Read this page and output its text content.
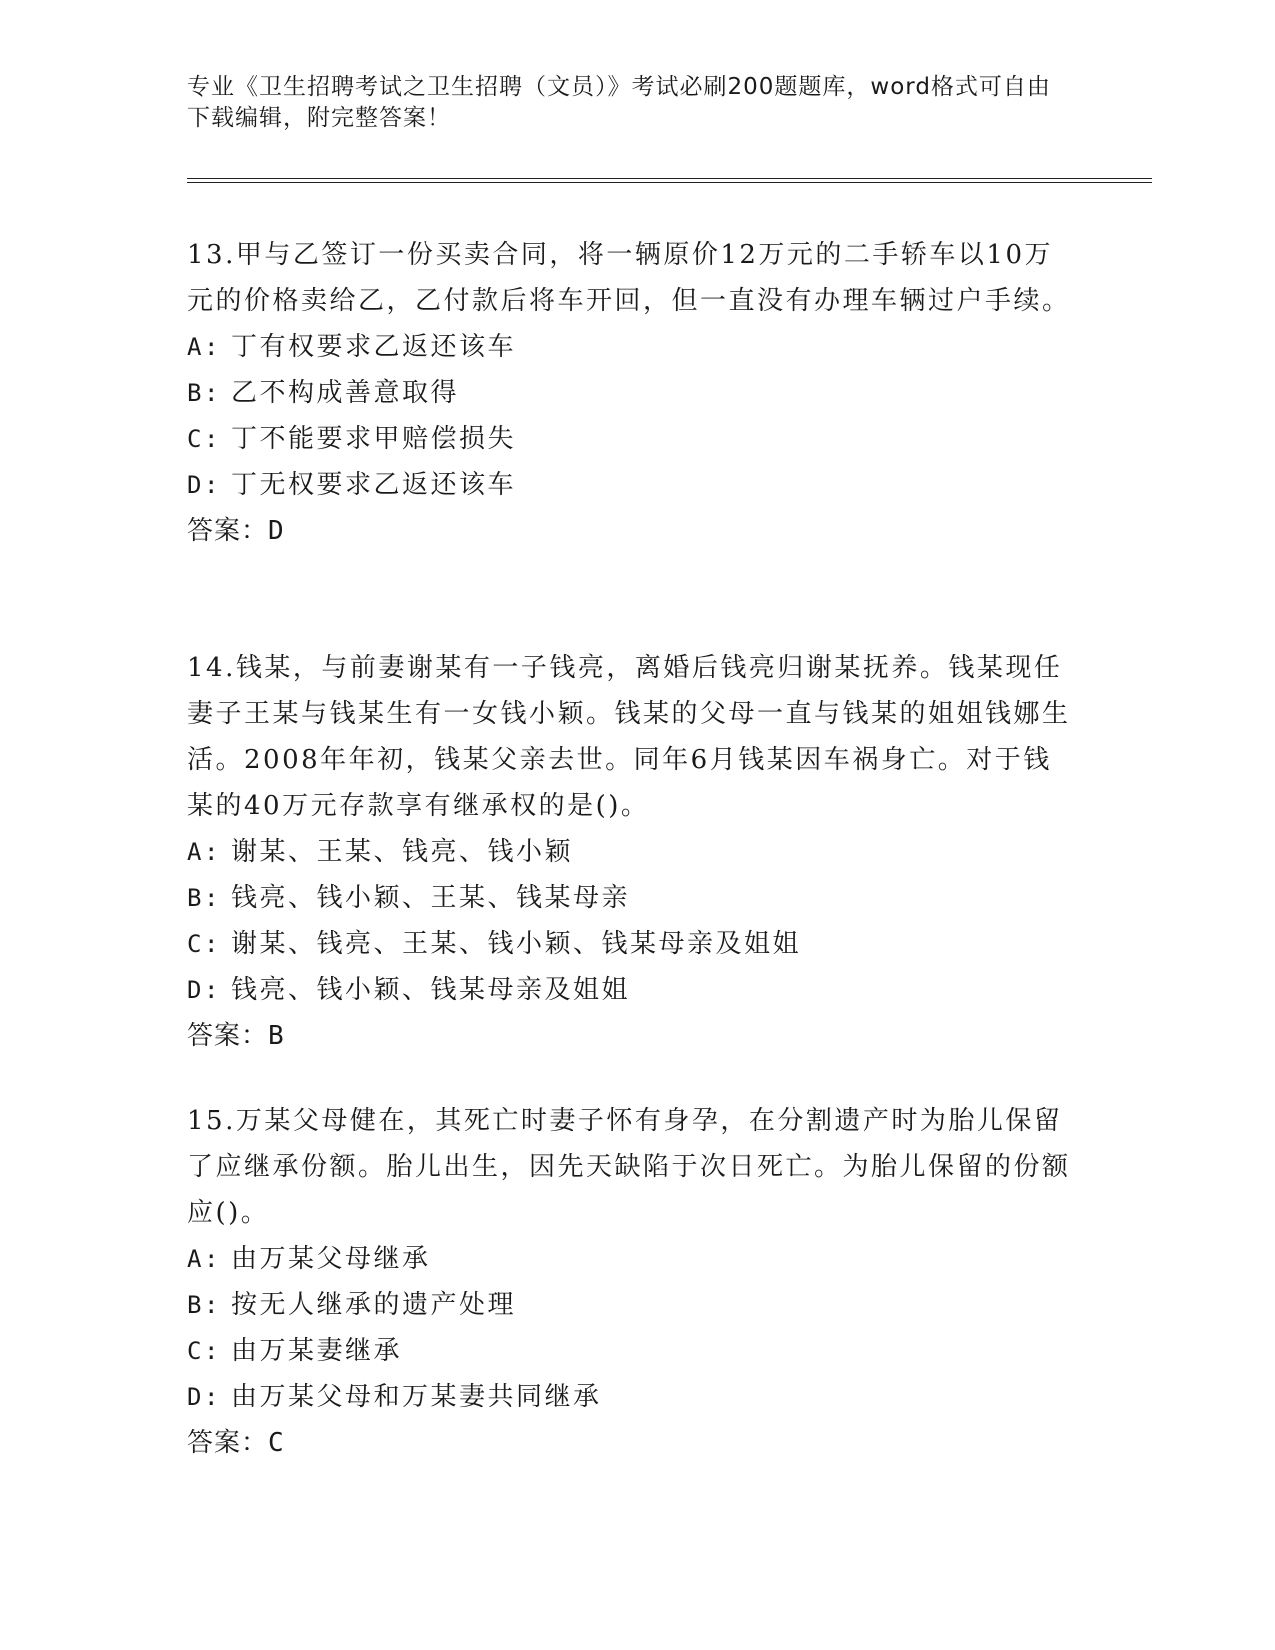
专业《卫生招聘考试之卫生招聘（文员）》考试必刷200题题库，word格式可自由下载编辑，附完整答案！

13.甲与乙签订一份买卖合同，将一辆原价12万元的二手轿车以10万元的价格卖给乙，乙付款后将车开回，但一直没有办理车辆过户手续。

A: 丁有权要求乙返还该车

B: 乙不构成善意取得

C: 丁不能要求甲赔偿损失

D: 丁无权要求乙返还该车

答案：D

14.钱某，与前妻谢某有一子钱亮，离婚后钱亮归谢某抚养。钱某现任妻子王某与钱某生有一女钱小颖。钱某的父母一直与钱某的姐姐钱娜生活。2008年年初，钱某父亲去世。同年6月钱某因车祸身亡。对于钱某的40万元存款享有继承权的是()。

A: 谢某、王某、钱亮、钱小颖

B: 钱亮、钱小颖、王某、钱某母亲

C: 谢某、钱亮、王某、钱小颖、钱某母亲及姐姐

D: 钱亮、钱小颖、钱某母亲及姐姐

答案：B

15.万某父母健在，其死亡时妻子怀有身孕，在分割遗产时为胎儿保留了应继承份额。胎儿出生，因先天缺陷于次日死亡。为胎儿保留的份额应()。

A: 由万某父母继承

B: 按无人继承的遗产处理

C: 由万某妻继承

D: 由万某父母和万某妻共同继承

答案：C
